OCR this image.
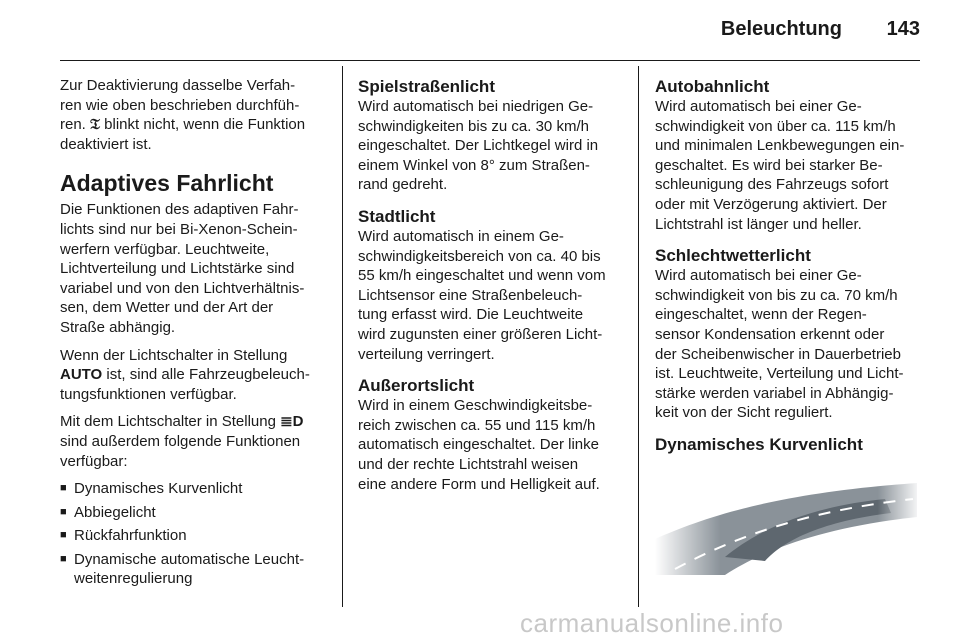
Beleuchtung 143

Zur Deaktivierung dasselbe Verfah-
ren wie oben beschrieben durchfüh-
ren. 𝔗 blinkt nicht, wenn die Funktion
deaktiviert ist.

Adaptives Fahrlicht

Die Funktionen des adaptiven Fahr-
lichts sind nur bei Bi-Xenon-Schein-
werfern verfügbar. Leuchtweite,
Lichtverteilung und Lichtstärke sind
variabel und von den Lichtverhältnis-
sen, dem Wetter und der Art der
Straße abhängig.

Wenn der Lichtschalter in Stellung
AUTO ist, sind alle Fahrzeugbeleuch-
tungsfunktionen verfügbar.

Mit dem Lichtschalter in Stellung ≣D
sind außerdem folgende Funktionen
verfügbar:

■ Dynamisches Kurvenlicht
■ Abbiegelicht
■ Rückfahrfunktion
■ Dynamische automatische Leucht-
weitenregulierung
Spielstraßenlicht

Wird automatisch bei niedrigen Ge-
schwindigkeiten bis zu ca. 30 km/h
eingeschaltet. Der Lichtkegel wird in
einem Winkel von 8° zum Straßen-
rand gedreht.

Stadtlicht

Wird automatisch in einem Ge-
schwindigkeitsbereich von ca. 40 bis
55 km/h eingeschaltet und wenn vom
Lichtsensor eine Straßenbeleuch-
tung erfasst wird. Die Leuchtweite
wird zugunsten einer größeren Licht-
verteilung verringert.

Außerortslicht

Wird in einem Geschwindigkeitsbe-
reich zwischen ca. 55 und 115 km/h
automatisch eingeschaltet. Der linke
und der rechte Lichtstrahl weisen
eine andere Form und Helligkeit auf.

Autobahnlicht

Wird automatisch bei einer Ge-
schwindigkeit von über ca. 115 km/h
und minimalen Lenkbewegungen ein-
geschaltet. Es wird bei starker Be-
schleunigung des Fahrzeugs sofort
oder mit Verzögerung aktiviert. Der
Lichtstrahl ist länger und heller.

Schlechtwetterlicht

Wird automatisch bei einer Ge-
schwindigkeit von bis zu ca. 70 km/h
eingeschaltet, wenn der Regen-
sensor Kondensation erkennt oder
der Scheibenwischer in Dauerbetrieb
ist. Leuchtweite, Verteilung und Licht-
stärke werden variabel in Abhängig-
keit von der Sicht reguliert.

Dynamisches Kurvenlicht
carmanualsonline.info
